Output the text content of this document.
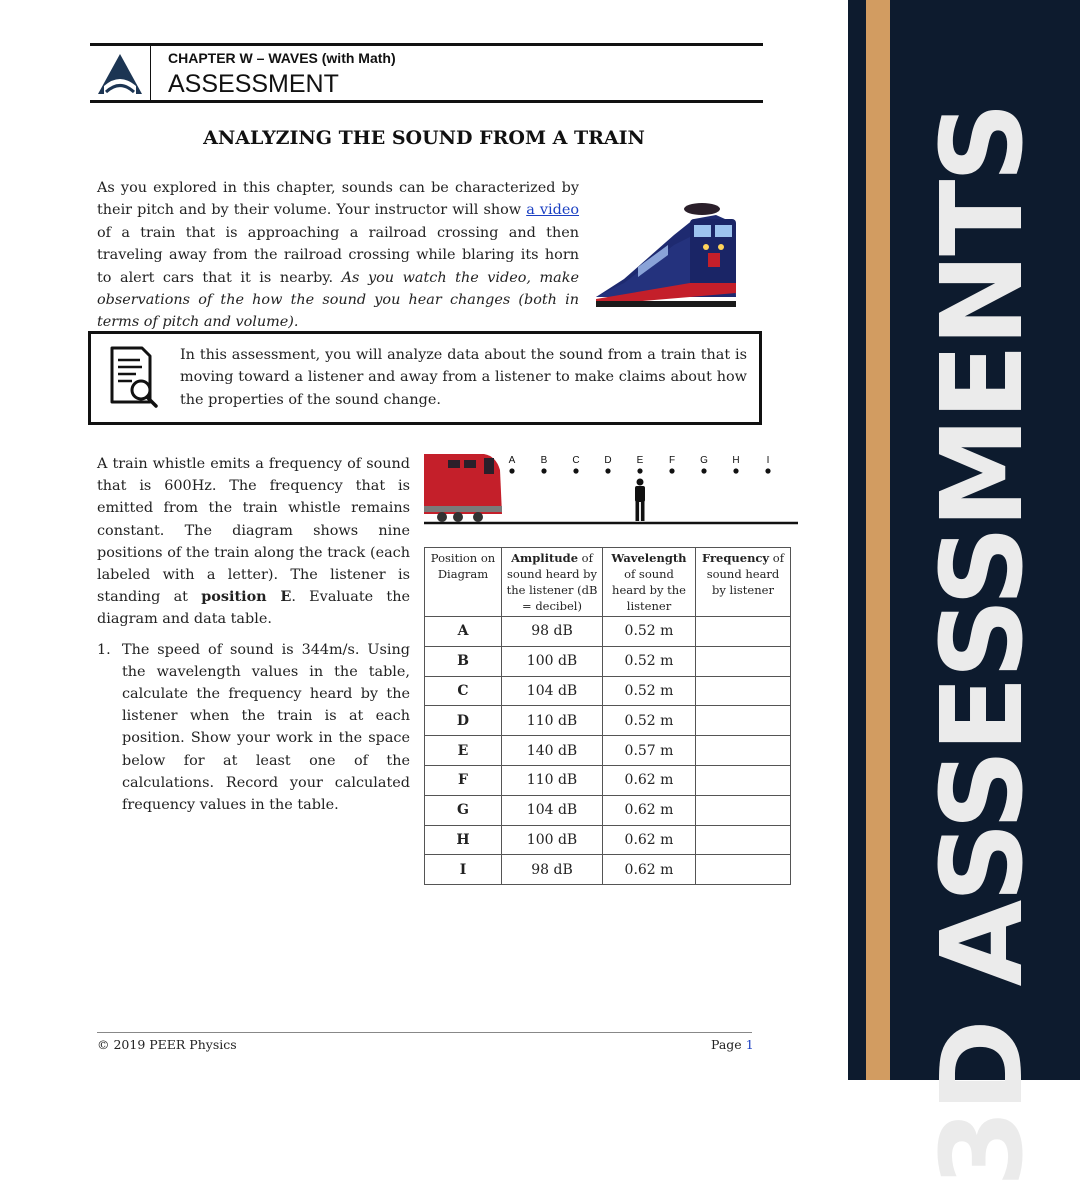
CHAPTER W – WAVES (with Math)
ASSESSMENT
ANALYZING THE SOUND FROM A TRAIN
As you explored in this chapter, sounds can be characterized by their pitch and by their volume. Your instructor will show a video of a train that is approaching a railroad crossing and then traveling away from the railroad crossing while blaring its horn to alert cars that it is nearby. As you watch the video, make observations of the how the sound you hear changes (both in terms of pitch and volume).
In this assessment, you will analyze data about the sound from a train that is moving toward a listener and away from a listener to make claims about how the properties of the sound change.

A train whistle emits a frequency of sound that is 600Hz. The frequency that is emitted from the train whistle remains constant. The diagram shows nine positions of the train along the track (each labeled with a letter). The listener is standing at position E. Evaluate the diagram and data table.

1. The speed of sound is 344m/s. Using the wavelength values in the table, calculate the frequency heard by the listener when the train is at each position. Show your work in the space below for at least one of the calculations. Record your calculated frequency values in the table.

A	B	C D	E	F	G H	I
Position on Diagram	Amplitude of sound heard by the listener (dB = decibel)	Wavelength of sound heard by the listener	Frequency of sound heard by listener
A	98 dB	0.52 m	
B	100 dB	0.52 m	
C	104 dB	0.52 m	
D	110 dB	0.52 m	
E	140 dB	0.57 m	
F	110 dB	0.62 m	
G	104 dB	0.62 m	
H	100 dB	0.62 m	
I	98 dB	0.62 m	
© 2019 PEER Physics	Page 1 3D ASSESSMENTS
